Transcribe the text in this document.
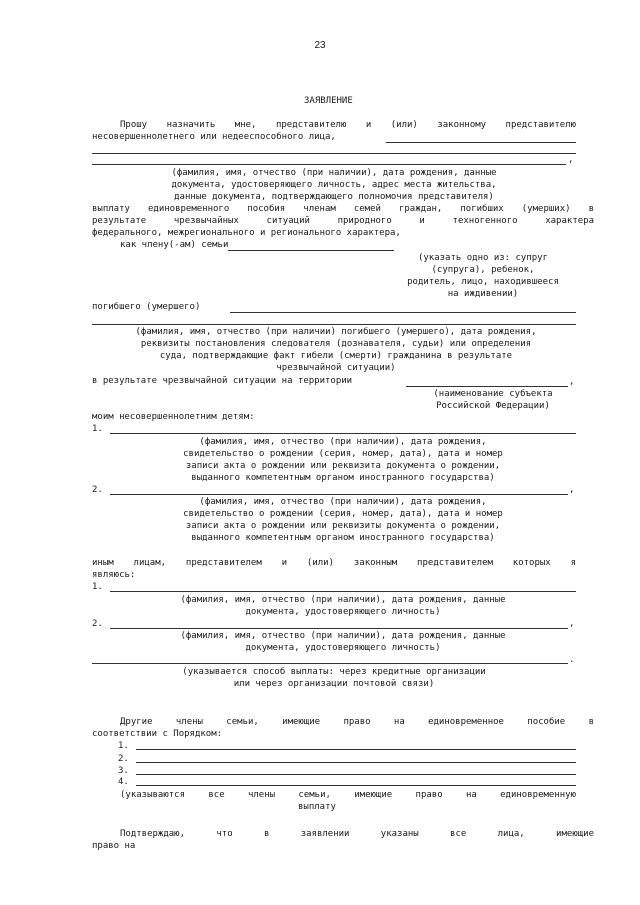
23
ЗАЯВЛЕНИЕ
Прошу назначить мне, представителю и (или) законному представителю
несовершеннолетнего или недееспособного лица,
,
(фамилия, имя, отчество (при наличии), дата рождения, данные
документа, удостоверяющего личность, адрес места жительства,
данные документа, подтверждающего полномочия представителя)
выплату единовременного пособия членам семей граждан, погибших (умерших) в
результате чрезвычайных ситуаций природного и техногенного характера
федерального, межрегионального и регионального характера,
как члену(-ам) семьи
(указать одно из: супруг
(супруга), ребенок,
родитель, лицо, находившееся
на иждивении)
погибшего (умершего)
(фамилия, имя, отчество (при наличии) погибшего (умершего), дата рождения,
реквизиты постановления следователя (дознавателя, судьи) или определения
суда, подтверждающие факт гибели (смерти) гражданина в результате
чрезвычайной ситуации)
в результате чрезвычайной ситуации на территории	,
(наименование субъекта
Российской Федерации)
моим несовершеннолетним детям:
1.
(фамилия, имя, отчество (при наличии), дата рождения,
свидетельство о рождении (серия, номер, дата), дата и номер
записи акта о рождении или реквизита документа о рождении,
выданного компетентным органом иностранного государства)
2.	,
(фамилия, имя, отчество (при наличии), дата рождения,
свидетельство о рождении (серия, номер, дата), дата и номер
записи акта о рождении или реквизиты документа о рождении,
выданного компетентным органом иностранного государства)
иным лицам, представителем и (или) законным представителем которых я
являюсь:
1.
(фамилия, имя, отчество (при наличии), дата рождения, данные
документа, удостоверяющего личность)
2.	,
(фамилия, имя, отчество (при наличии), дата рождения, данные
документа, удостоверяющего личность)
.
(указывается способ выплаты: через кредитные организации
или через организации почтовой связи)
Другие члены семьи, имеющие право на единовременное пособие в
соответствии с Порядком:
1.
2.
3.
4.
(указываются все члены семьи, имеющие право на единовременную
выплату
Подтверждаю, что в заявлении указаны все лица, имеющие
право на
